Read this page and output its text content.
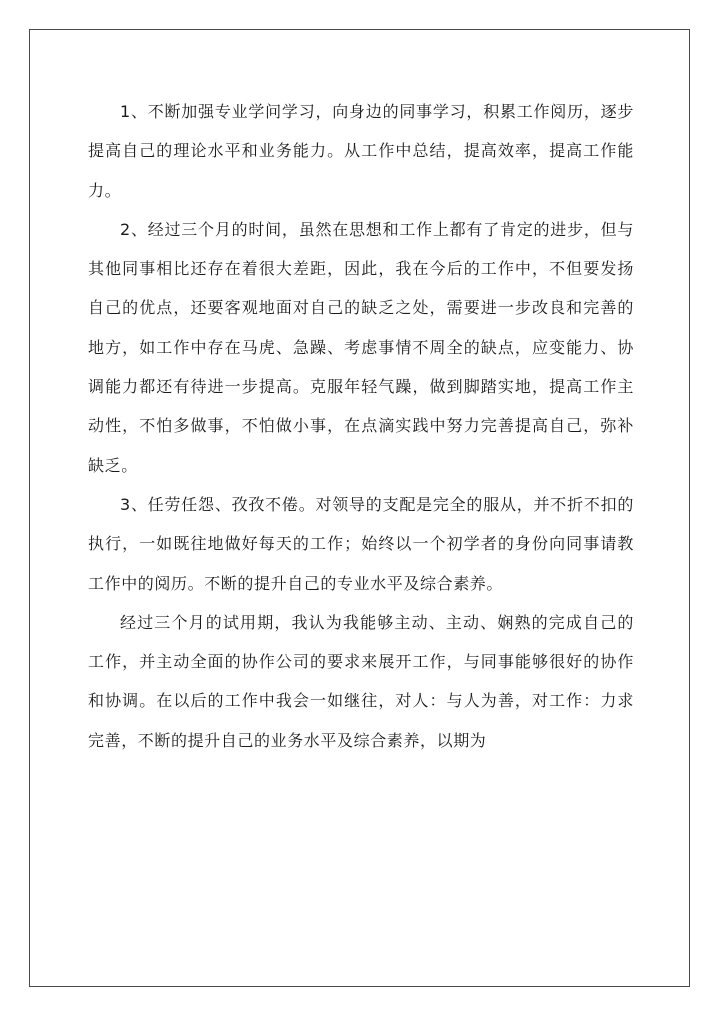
1、不断加强专业学问学习，向身边的同事学习，积累工作阅历，逐步提高自己的理论水平和业务能力。从工作中总结，提高效率，提高工作能力。

2、经过三个月的时间，虽然在思想和工作上都有了肯定的进步，但与其他同事相比还存在着很大差距，因此，我在今后的工作中，不但要发扬自己的优点，还要客观地面对自己的缺乏之处，需要进一步改良和完善的地方，如工作中存在马虎、急躁、考虑事情不周全的缺点，应变能力、协调能力都还有待进一步提高。克服年轻气躁，做到脚踏实地，提高工作主动性，不怕多做事，不怕做小事，在点滴实践中努力完善提高自己，弥补缺乏。

3、任劳任怨、孜孜不倦。对领导的支配是完全的服从，并不折不扣的执行，一如既往地做好每天的工作；始终以一个初学者的身份向同事请教工作中的阅历。不断的提升自己的专业水平及综合素养。

经过三个月的试用期，我认为我能够主动、主动、娴熟的完成自己的工作，并主动全面的协作公司的要求来展开工作，与同事能够很好的协作和协调。在以后的工作中我会一如继往，对人：与人为善，对工作：力求完善，不断的提升自己的业务水平及综合素养，以期为
